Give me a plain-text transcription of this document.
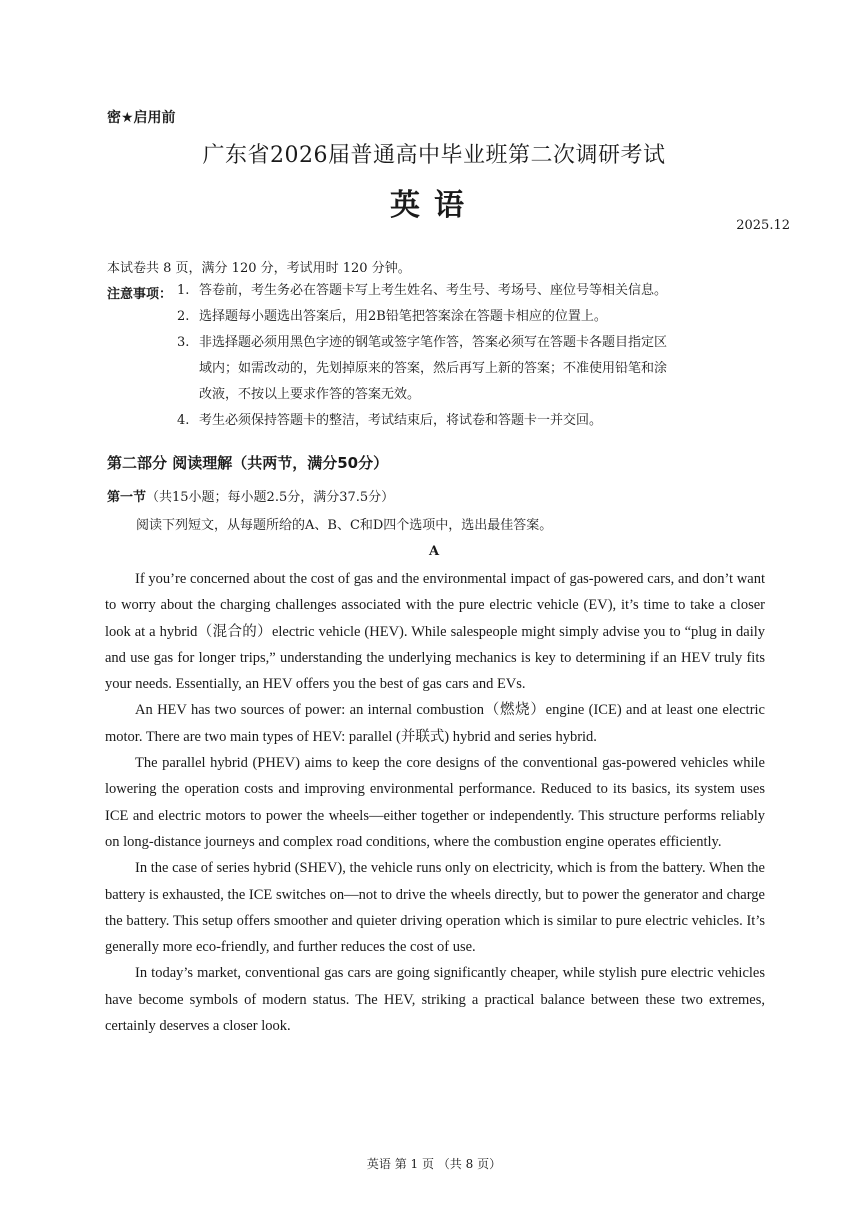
密★启用前
广东省2026届普通高中毕业班第二次调研考试
英语
2025.12
本试卷共 8 页，满分 120 分，考试用时 120 分钟。
注意事项： 1. 答卷前，考生务必在答题卡写上考生姓名、考生号、考场号、座位号等相关信息。
2. 选择题每小题选出答案后，用2B铅笔把答案涂在答题卡相应的位置上。
3. 非选择题必须用黑色字迹的钢笔或签字笔作答，答案必须写在答题卡各题目指定区
域内；如需改动的，先划掉原来的答案，然后再写上新的答案；不准使用铅笔和涂
改液，不按以上要求作答的答案无效。
4. 考生必须保持答题卡的整洁，考试结束后，将试卷和答题卡一并交回。
第二部分 阅读理解（共两节，满分50分）
第一节（共15小题；每小题2.5分，满分37.5分）
阅读下列短文，从每题所给的A、B、C和D四个选项中，选出最佳答案。
A

If you’re concerned about the cost of gas and the environmental impact of gas-powered cars, and don’t want to worry about the charging challenges associated with the pure electric vehicle (EV), it’s time to take a closer look at a hybrid（混合的）electric vehicle (HEV). While salespeople might simply advise you to “plug in daily and use gas for longer trips,” understanding the underlying mechanics is key to determining if an HEV truly fits your needs. Essentially, an HEV offers you the best of gas cars and EVs.

An HEV has two sources of power: an internal combustion（燃烧）engine (ICE) and at least one electric motor. There are two main types of HEV: parallel (并联式) hybrid and series hybrid.

The parallel hybrid (PHEV) aims to keep the core designs of the conventional gas-powered vehicles while lowering the operation costs and improving environmental performance. Reduced to its basics, its system uses ICE and electric motors to power the wheels—either together or independently. This structure performs reliably on long-distance journeys and complex road conditions, where the combustion engine operates efficiently.

In the case of series hybrid (SHEV), the vehicle runs only on electricity, which is from the battery. When the battery is exhausted, the ICE switches on—not to drive the wheels directly, but to power the generator and charge the battery. This setup offers smoother and quieter driving operation which is similar to pure electric vehicles. It’s generally more eco-friendly, and further reduces the cost of use.

In today’s market, conventional gas cars are going significantly cheaper, while stylish pure electric vehicles have become symbols of modern status. The HEV, striking a practical balance between these two extremes, certainly deserves a closer look.

英语 第 1 页 （共 8 页）
